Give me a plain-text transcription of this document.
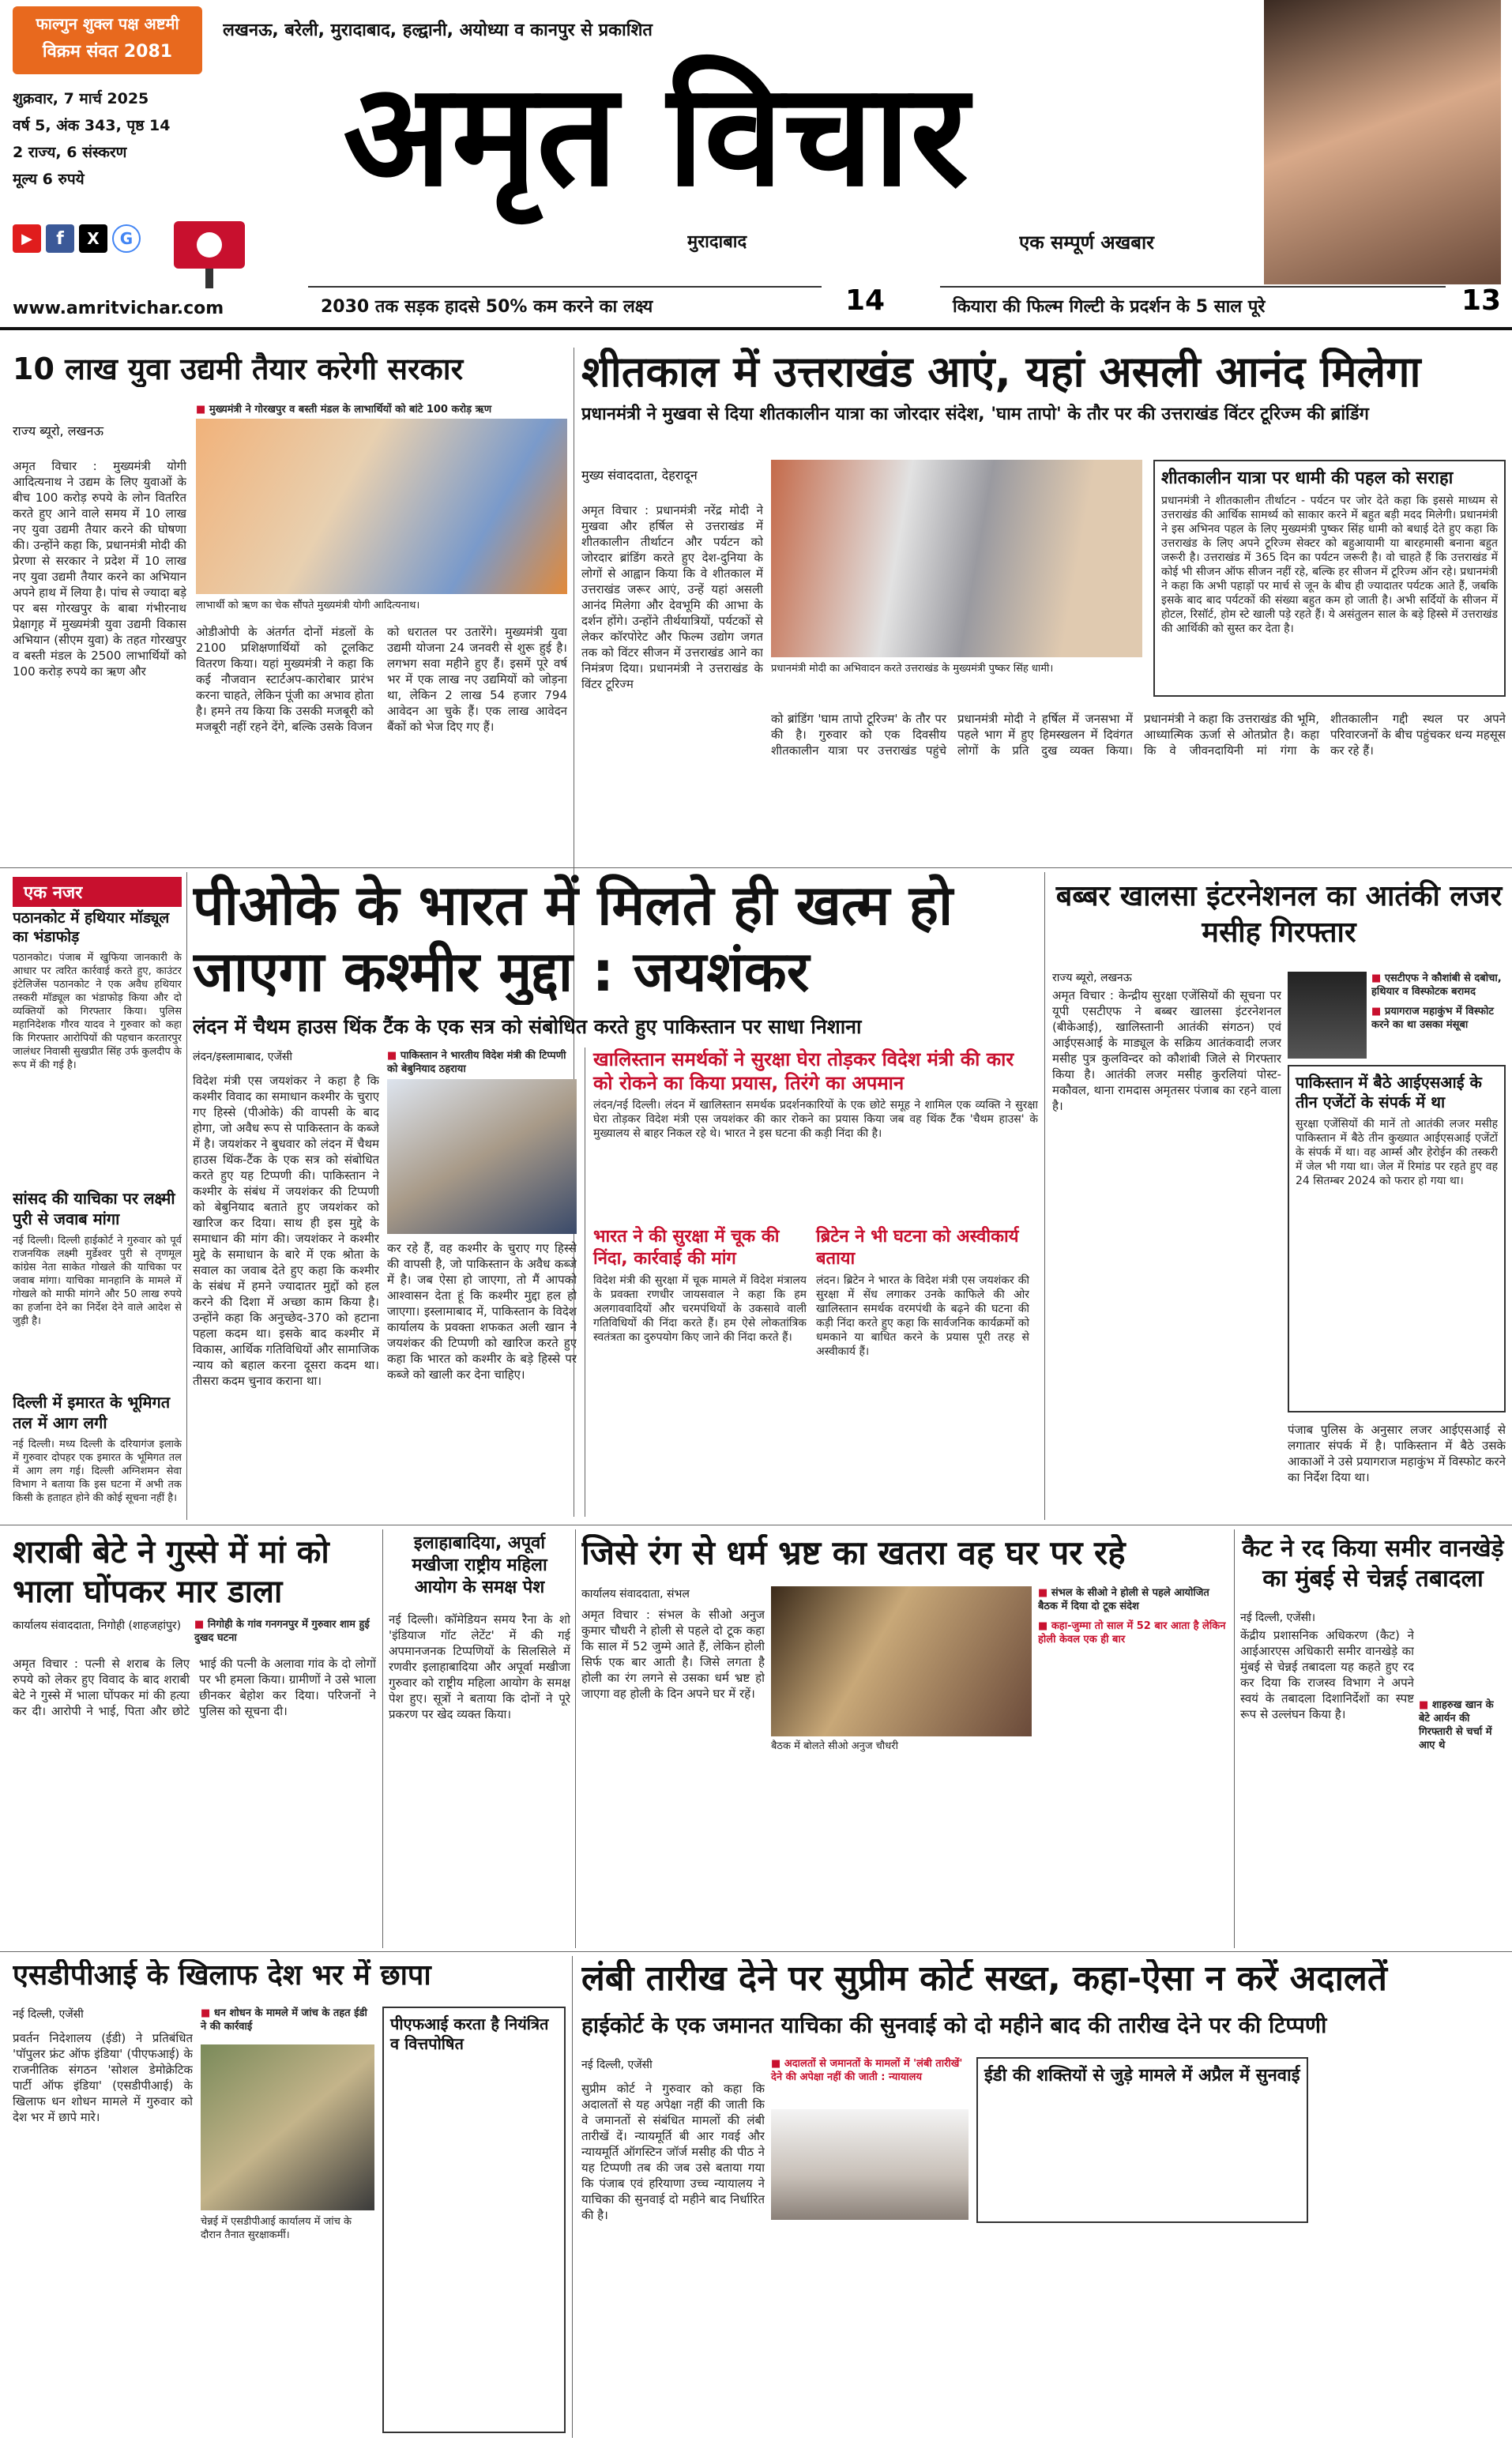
फाल्गुन शुक्ल पक्ष अष्टमी
विक्रम संवत 2081
लखनऊ, बरेली, मुरादाबाद, हल्द्वानी, अयोध्या व कानपुर से प्रकाशित
शुक्रवार, 7 मार्च 2025
वर्ष 5, अंक 343, पृष्ठ 14
2 राज्य, 6 संस्करण
मूल्य 6 रुपये
▶	f	X	G
www.amritvichar.com
अमृत विचार
मुरादाबाद	एक सम्पूर्ण अखबार
2030 तक सड़क हादसे 50% कम करने का लक्ष्य	14	कियारा की फिल्म गिल्टी के प्रदर्शन के 5 साल पूरे	13
10 लाख युवा उद्यमी तैयार करेगी सरकार
■ मुख्यमंत्री ने गोरखपुर व बस्ती मंडल के लाभार्थियों को बांटे 100 करोड़ ऋण
राज्य ब्यूरो, लखनऊ
अमृत विचार : मुख्यमंत्री योगी आदित्यनाथ ने उद्यम के लिए युवाओं के बीच 100 करोड़ रुपये के लोन वितरित करते हुए आने वाले समय में 10 लाख नए युवा उद्यमी तैयार करने की घोषणा की। उन्होंने कहा कि, प्रधानमंत्री मोदी की प्रेरणा से सरकार ने प्रदेश में 10 लाख नए युवा उद्यमी तैयार करने का अभियान अपने हाथ में लिया है। पांच से ज्यादा बड़े पर बस गोरखपुर के बाबा गंभीरनाथ प्रेक्षागृह में मुख्यमंत्री युवा उद्यमी विकास अभियान (सीएम युवा) के तहत गोरखपुर व बस्ती मंडल के 2500 लाभार्थियों को 100 करोड़ रुपये का ऋण और
लाभार्थी को ऋण का चेक सौंपते मुख्यमंत्री योगी आदित्यनाथ।
ओडीओपी के अंतर्गत दोनों मंडलों के 2100 प्रशिक्षणार्थियों को टूलकिट वितरण किया। यहां मुख्यमंत्री ने कहा कि कई नौजवान स्टार्टअप-कारोबार प्रारंभ करना चाहते, लेकिन पूंजी का अभाव होता है। हमने तय किया कि उसकी मजबूरी को मजबूरी नहीं रहने देंगे, बल्कि उसके विजन
को धरातल पर उतारेंगे। मुख्यमंत्री युवा उद्यमी योजना 24 जनवरी से शुरू हुई है। लगभग सवा महीने हुए हैं। इसमें पूरे वर्ष भर में एक लाख नए उद्यमियों को जोड़ना था, लेकिन 2 लाख 54 हजार 794 आवेदन आ चुके हैं। एक लाख आवेदन बैंकों को भेज दिए गए हैं।
शीतकाल में उत्तराखंड आएं, यहां असली आनंद मिलेगा
प्रधानमंत्री ने मुखवा से दिया शीतकालीन यात्रा का जोरदार संदेश, 'घाम तापो' के तौर पर की उत्तराखंड विंटर टूरिज्म की ब्रांडिंग
मुख्य संवाददाता, देहरादून
अमृत विचार : प्रधानमंत्री नरेंद्र मोदी ने मुखवा और हर्षिल से उत्तराखंड में शीतकालीन तीर्थाटन और पर्यटन को जोरदार ब्रांडिंग करते हुए देश-दुनिया के लोगों से आह्वान किया कि वे शीतकाल में उत्तराखंड जरूर आएं, उन्हें यहां असली आनंद मिलेगा और देवभूमि की आभा के दर्शन होंगे। उन्होंने तीर्थयात्रियों, पर्यटकों से लेकर कॉरपोरेट और फिल्म उद्योग जगत तक को विंटर सीजन में उत्तराखंड आने का निमंत्रण दिया। प्रधानमंत्री ने उत्तराखंड के विंटर टूरिज्म
प्रधानमंत्री मोदी का अभिवादन करते उत्तराखंड के मुख्यमंत्री पुष्कर सिंह धामी।
शीतकालीन यात्रा पर धामी की पहल को सराहा
प्रधानमंत्री ने शीतकालीन तीर्थाटन - पर्यटन पर जोर देते कहा कि इससे माध्यम से उत्तराखंड की आर्थिक सामर्थ्य को साकार करने में बहुत बड़ी मदद मिलेगी। प्रधानमंत्री ने इस अभिनव पहल के लिए मुख्यमंत्री पुष्कर सिंह धामी को बधाई देते हुए कहा कि उत्तराखंड के लिए अपने टूरिज्म सेक्टर को बहुआयामी या बारहमासी बनाना बहुत जरूरी है। उत्तराखंड में 365 दिन का पर्यटन जरूरी है। वो चाहते हैं कि उत्तराखंड में कोई भी सीजन ऑफ सीजन नहीं रहे, बल्कि हर सीजन में टूरिज्म ऑन रहे। प्रधानमंत्री ने कहा कि अभी पहाड़ों पर मार्च से जून के बीच ही ज्यादातर पर्यटक आते हैं, जबकि इसके बाद बाद पर्यटकों की संख्या बहुत कम हो जाती है। अभी सर्दियों के सीजन में होटल, रिसॉर्ट, होम स्टे खाली पड़े रहते हैं। ये असंतुलन साल के बड़े हिस्से में उत्तराखंड की आर्थिकी को सुस्त कर देता है।
को ब्रांडिंग 'घाम तापो टूरिज्म' के तौर पर की है। गुरुवार को एक दिवसीय शीतकालीन यात्रा पर उत्तराखंड पहुंचे प्रधानमंत्री मोदी ने हर्षिल में जनसभा में पहले भाग में हुए हिमस्खलन में दिवंगत लोगों के प्रति दुख व्यक्त किया। प्रधानमंत्री ने कहा कि उत्तराखंड की भूमि, आध्यात्मिक ऊर्जा से ओतप्रोत है। कहा कि वे जीवनदायिनी मां गंगा के शीतकालीन गद्दी स्थल पर अपने परिवारजनों के बीच पहुंचकर धन्य महसूस कर रहे हैं।
एक नजर
पठानकोट में हथियार मॉड्यूल का भंडाफोड़
पठानकोट। पंजाब में खुफिया जानकारी के आधार पर त्वरित कार्रवाई करते हुए, काउंटर इंटेलिजेंस पठानकोट ने एक अवैध हथियार तस्करी मॉड्यूल का भंडाफोड़ किया और दो व्यक्तियों को गिरफ्तार किया। पुलिस महानिदेशक गौरव यादव ने गुरुवार को कहा कि गिरफ्तार आरोपियों की पहचान करतारपुर जालंधर निवासी सुखप्रीत सिंह उर्फ कुलदीप के रूप में की गई है।
सांसद की याचिका पर लक्ष्मी पुरी से जवाब मांगा
नई दिल्ली। दिल्ली हाईकोर्ट ने गुरुवार को पूर्व राजनयिक लक्ष्मी मुर्डेश्वर पुरी से तृणमूल कांग्रेस नेता साकेत गोखले की याचिका पर जवाब मांगा। याचिका मानहानि के मामले में गोखले को माफी मांगने और 50 लाख रुपये का हर्जाना देने का निर्देश देने वाले आदेश से जुड़ी है।
दिल्ली में इमारत के भूमिगत तल में आग लगी
नई दिल्ली। मध्य दिल्ली के दरियागंज इलाके में गुरुवार दोपहर एक इमारत के भूमिगत तल में आग लग गई। दिल्ली अग्निशमन सेवा विभाग ने बताया कि इस घटना में अभी तक किसी के हताहत होने की कोई सूचना नहीं है।
पीओके के भारत में मिलते ही खत्म हो जाएगा कश्मीर मुद्दा : जयशंकर
लंदन में चैथम हाउस थिंक टैंक के एक सत्र को संबोधित करते हुए पाकिस्तान पर साधा निशाना
लंदन/इस्लामाबाद, एजेंसी
विदेश मंत्री एस जयशंकर ने कहा है कि कश्मीर विवाद का समाधान कश्मीर के चुराए गए हिस्से (पीओके) की वापसी के बाद होगा, जो अवैध रूप से पाकिस्तान के कब्जे में है। जयशंकर ने बुधवार को लंदन में चैथम हाउस थिंक-टैंक के एक सत्र को संबोधित करते हुए यह टिप्पणी की। पाकिस्तान ने कश्मीर के संबंध में जयशंकर की टिप्पणी को बेबुनियाद बताते हुए जयशंकर को खारिज कर दिया। साथ ही इस मुद्दे के समाधान की मांग की। जयशंकर ने कश्मीर मुद्दे के समाधान के बारे में एक श्रोता के सवाल का जवाब देते हुए कहा कि कश्मीर के संबंध में हमने ज्यादातर मुद्दों को हल करने की दिशा में अच्छा काम किया है। उन्होंने कहा कि अनुच्छेद-370 को हटाना पहला कदम था। इसके बाद कश्मीर में विकास, आर्थिक गतिविधियों और सामाजिक न्याय को बहाल करना दूसरा कदम था। तीसरा कदम चुनाव कराना था।
■ पाकिस्तान ने भारतीय विदेश मंत्री की टिप्पणी को बेबुनियाद ठहराया
कर रहे हैं, वह कश्मीर के चुराए गए हिस्से की वापसी है, जो पाकिस्तान के अवैध कब्जे में है। जब ऐसा हो जाएगा, तो मैं आपको आश्वासन देता हूं कि कश्मीर मुद्दा हल हो जाएगा। इस्लामाबाद में, पाकिस्तान के विदेश कार्यालय के प्रवक्ता शफकत अली खान ने जयशंकर की टिप्पणी को खारिज करते हुए कहा कि भारत को कश्मीर के बड़े हिस्से पर कब्जे को खाली कर देना चाहिए।
खालिस्तान समर्थकों ने सुरक्षा घेरा तोड़कर विदेश मंत्री की कार को रोकने का किया प्रयास, तिरंगे का अपमान
लंदन/नई दिल्ली। लंदन में खालिस्तान समर्थक प्रदर्शनकारियों के एक छोटे समूह ने शामिल एक व्यक्ति ने सुरक्षा घेरा तोड़कर विदेश मंत्री एस जयशंकर की कार रोकने का प्रयास किया जब वह थिंक टैंक 'चैथम हाउस' के मुख्यालय से बाहर निकल रहे थे। भारत ने इस घटना की कड़ी निंदा की है।
भारत ने की सुरक्षा में चूक की निंदा, कार्रवाई की मांग
विदेश मंत्री की सुरक्षा में चूक मामले में विदेश मंत्रालय के प्रवक्ता रणधीर जायसवाल ने कहा कि हम अलगाववादियों और चरमपंथियों के उकसावे वाली गतिविधियों की निंदा करते हैं। हम ऐसे लोकतांत्रिक स्वतंत्रता का दुरुपयोग किए जाने की निंदा करते हैं।
ब्रिटेन ने भी घटना को अस्वीकार्य बताया
लंदन। ब्रिटेन ने भारत के विदेश मंत्री एस जयशंकर की सुरक्षा में सेंध लगाकर उनके काफिले की ओर खालिस्तान समर्थक वरमपंथी के बढ़ने की घटना की कड़ी निंदा करते हुए कहा कि सार्वजनिक कार्यक्रमों को धमकाने या बाधित करने के प्रयास पूरी तरह से अस्वीकार्य हैं।
बब्बर खालसा इंटरनेशनल का आतंकी लजर मसीह गिरफ्तार
राज्य ब्यूरो, लखनऊ
अमृत विचार : केन्द्रीय सुरक्षा एजेंसियों की सूचना पर यूपी एसटीएफ ने बब्बर खालसा इंटरनेशनल (बीकेआई), खालिस्तानी आतंकी संगठन) एवं आईएसआई के माड्यूल के सक्रिय आतंकवादी लजर मसीह पुत्र कुलविन्दर को कौशांबी जिले से गिरफ्तार किया है। आतंकी लजर मसीह कुरलियां पोस्ट-मकौवल, थाना रामदास अमृतसर पंजाब का रहने वाला है।
■ एसटीएफ ने कौशांबी से दबोचा, हथियार व विस्फोटक बरामद
■ प्रयागराज महाकुंभ में विस्फोट करने का था उसका मंसूबा
पाकिस्तान में बैठे आईएसआई के तीन एजेंटों के संपर्क में था
सुरक्षा एजेंसियों की मानें तो आतंकी लजर मसीह पाकिस्तान में बैठे तीन कुख्यात आईएसआई एजेंटों के संपर्क में था। वह आर्म्स और हेरोईन की तस्करी में जेल भी गया था। जेल में रिमांड पर रहते हुए वह 24 सितम्बर 2024 को फरार हो गया था।
पंजाब पुलिस के अनुसार लजर आईएसआई से लगातार संपर्क में है। पाकिस्तान में बैठे उसके आकाओं ने उसे प्रयागराज महाकुंभ में विस्फोट करने का निर्देश दिया था।
शराबी बेटे ने गुस्से में मां को भाला घोंपकर मार डाला
कार्यालय संवाददाता, निगोही (शाहजहांपुर)
■	निगोही के गांव गनगनपुर में गुरुवार शाम हुई दुखद घटना
अमृत विचार : पत्नी से शराब के लिए रुपये को लेकर हुए विवाद के बाद शराबी बेटे ने गुस्से में भाला घोंपकर मां की हत्या कर दी। आरोपी ने भाई, पिता और छोटे भाई की पत्नी के अलावा गांव के दो लोगों पर भी हमला किया। ग्रामीणों ने उसे भाला छीनकर बेहोश कर दिया। परिजनों ने पुलिस को सूचना दी।
इलाहाबादिया, अपूर्वा मखीजा राष्ट्रीय महिला आयोग के समक्ष पेश
नई दिल्ली। कॉमेडियन समय रैना के शो 'इंडियाज गॉट लेटेंट' में की गई अपमानजनक टिप्पणियों के सिलसिले में रणवीर इलाहाबादिया और अपूर्वा मखीजा गुरुवार को राष्ट्रीय महिला आयोग के समक्ष पेश हुए। सूत्रों ने बताया कि दोनों ने पूरे प्रकरण पर खेद व्यक्त किया।
जिसे रंग से धर्म भ्रष्ट का खतरा वह घर पर रहे
कार्यालय संवाददाता, संभल
अमृत विचार : संभल के सीओ अनुज कुमार चौधरी ने होली से पहले दो टूक कहा कि साल में 52 जुम्मे आते हैं, लेकिन होली सिर्फ एक बार आती है। जिसे लगता है होली का रंग लगने से उसका धर्म भ्रष्ट हो जाएगा वह होली के दिन अपने घर में रहें।
बैठक में बोलते सीओ अनुज चौधरी
■ संभल के सीओ ने होली से पहले आयोजित बैठक में दिया दो टूक संदेश
■ कहा-जुम्मा तो साल में 52 बार आता है लेकिन होली केवल एक ही बार
कैट ने रद किया समीर वानखेड़े का मुंबई से चेन्नई तबादला
नई दिल्ली, एजेंसी।
केंद्रीय प्रशासनिक अधिकरण (कैट) ने आईआरएस अधिकारी समीर वानखेड़े का मुंबई से चेन्नई तबादला यह कहते हुए रद कर दिया कि राजस्व विभाग ने अपने स्वयं के तबादला दिशानिर्देशों का स्पष्ट रूप से उल्लंघन किया है।
■ शाहरुख खान के बेटे आर्यन की गिरफ्तारी से चर्चा में आए थे
एसडीपीआई के खिलाफ देश भर में छापा
नई दिल्ली, एजेंसी
प्रवर्तन निदेशालय (ईडी) ने प्रतिबंधित 'पॉपुलर फ्रंट ऑफ इंडिया' (पीएफआई) के राजनीतिक संगठन 'सोशल डेमोक्रेटिक पार्टी ऑफ इंडिया' (एसडीपीआई) के खिलाफ धन शोधन मामले में गुरुवार को देश भर में छापे मारे।
■ धन शोधन के मामले में जांच के तहत ईडी ने की कार्रवाई
चेन्नई में एसडीपीआई कार्यालय में जांच के दौरान तैनात सुरक्षाकर्मी।
पीएफआई करता है नियंत्रित व वित्तपोषित
लंबी तारीख देने पर सुप्रीम कोर्ट सख्त, कहा-ऐसा न करें अदालतें
हाईकोर्ट के एक जमानत याचिका की सुनवाई को दो महीने बाद की तारीख देने पर की टिप्पणी
नई दिल्ली, एजेंसी
सुप्रीम कोर्ट ने गुरुवार को कहा कि अदालतों से यह अपेक्षा नहीं की जाती कि वे जमानतों से संबंधित मामलों की लंबी तारीखें दें। न्यायमूर्ति बी आर गवई और न्यायमूर्ति ऑगस्टिन जॉर्ज मसीह की पीठ ने यह टिप्पणी तब की जब उसे बताया गया कि पंजाब एवं हरियाणा उच्च न्यायालय ने याचिका की सुनवाई दो महीने बाद निर्धारित की है।
■ अदालतों से जमानतों के मामलों में 'लंबी तारीखें' देने की अपेक्षा नहीं की जाती : न्यायालय	ईडी की शक्तियों से जुड़े मामले में अप्रैल में सुनवाई
